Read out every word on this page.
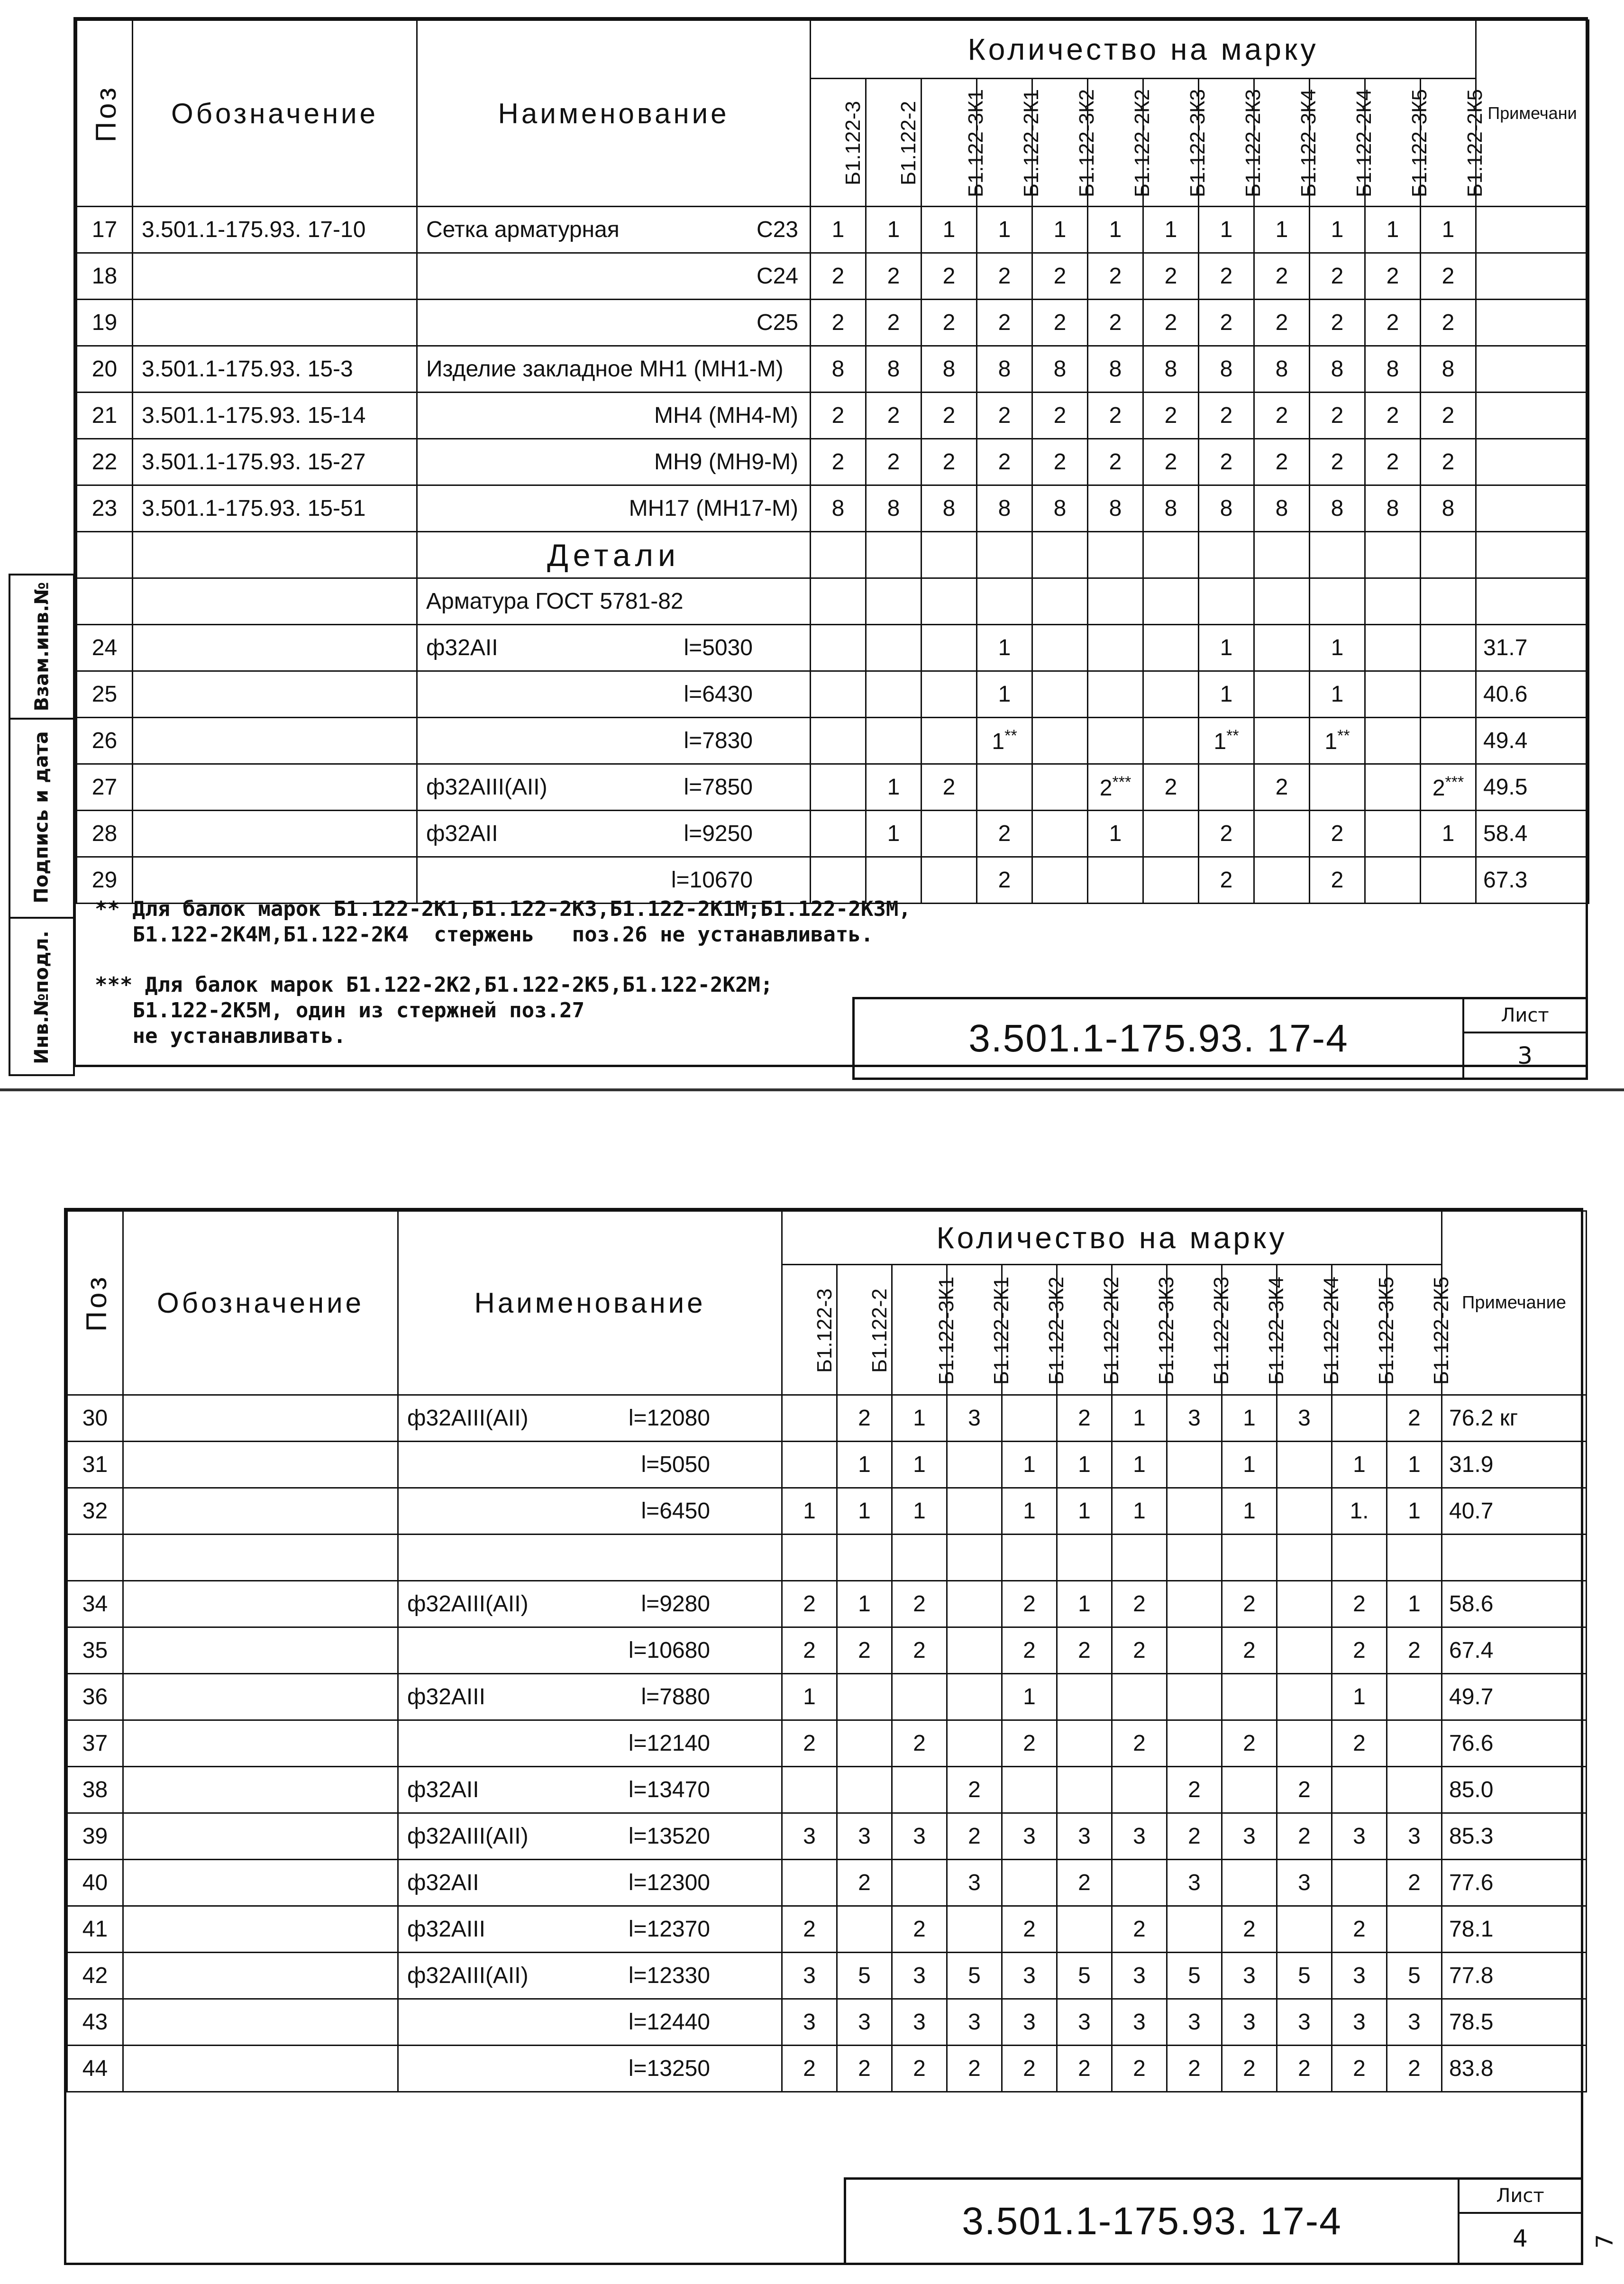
Поз	Обозначение	Наименование	Количество на марку												Примечани
			Б1.122-3	Б1.122-2	Б1.122-3К1	Б1.122-2К1	Б1.122-3К2	Б1.122-2К2	Б1.122-3К3	Б1.122-2К3	Б1.122-3К4	Б1.122-2К4	Б1.122-3К5	Б1.122-2К5	
17	3.501.1-175.93. 17-10	Сетка арматурная С23	1	1	1	1	1	1	1	1	1	1	1	1	
18		С24	2	2	2	2	2	2	2	2	2	2	2	2	
19		С25	2	2	2	2	2	2	2	2	2	2	2	2	
20	3.501.1-175.93. 15-3	Изделие закладное МН1 (МН1-М)	8	8	8	8	8	8	8	8	8	8	8	8	
21	3.501.1-175.93. 15-14	МН4 (МН4-М)	2	2	2	2	2	2	2	2	2	2	2	2	
22	3.501.1-175.93. 15-27	МН9 (МН9-М)	2	2	2	2	2	2	2	2	2	2	2	2	
23	3.501.1-175.93. 15-51	МН17 (МН17-М)	8	8	8	8	8	8	8	8	8	8	8	8	
		Детали													
		Арматура ГОСТ 5781-82													
24		ф32АII l=5030				1				1		1			31.7
25		l=6430				1				1		1			40.6
26		l=7830				1**				1**		1**			49.4
27		ф32АIII(АII) l=7850		1	2			2***	2		2			2***	49.5
28		ф32АII l=9250		1		2		1		2		2		1	58.4
29		l=10670				2				2		2			67.3
** Для балок марок Б1.122-2К1,Б1.122-2К3,Б1.122-2К1М;Б1.122-2К3М,
Б1.122-2К4М,Б1.122-2К4  стержень   поз.26 не устанавливать.
*** Для балок марок Б1.122-2К2,Б1.122-2К5,Б1.122-2К2М;
Б1.122-2К5М, один из стержней поз.27
не устанавливать.	3.501.1-175.93. 17-4
Лист
3
Инв.№подл.
Подпись и дата
Взам.инв.№
Поз	Обозначение	Наименование	Количество на марку												Примечание
			Б1.122-3	Б1.122-2	Б1.122-3К1	Б1.122-2К1	Б1.122-3К2	Б1.122-2К2	Б1.122-3К3	Б1.122-2К3	Б1.122-3К4	Б1.122-2К4	Б1.122-3К5	Б1.122-2К5	
30		ф32АIII(АII) l=12080		2	1	3		2	1	3	1	3		2	76.2 кг
31		l=5050		1	1		1	1	1		1		1	1	31.9
32		l=6450	1	1	1		1	1	1		1		1.	1	40.7

34		ф32АIII(АII) l=9280	2	1	2		2	1	2		2		2	1	58.6
35		l=10680	2	2	2		2	2	2		2		2	2	67.4
36		ф32АIII l=7880	1				1						1		49.7
37		l=12140	2		2		2		2		2		2		76.6
38		ф32АII l=13470				2				2		2			85.0
39		ф32АIII(АII) l=13520	3	3	3	2	3	3	3	2	3	2	3	3	85.3
40		ф32АII l=12300		2		3		2		3		3		2	77.6
41		ф32АIII l=12370	2		2		2		2		2		2		78.1
42		ф32АIII(АII) l=12330	3	5	3	5	3	5	3	5	3	5	3	5	77.8
43		l=12440	3	3	3	3	3	3	3	3	3	3	3	3	78.5
44		l=13250	2	2	2	2	2	2	2	2	2	2	2	2	83.8
3.501.1-175.93. 17-4
Лист
4	7
